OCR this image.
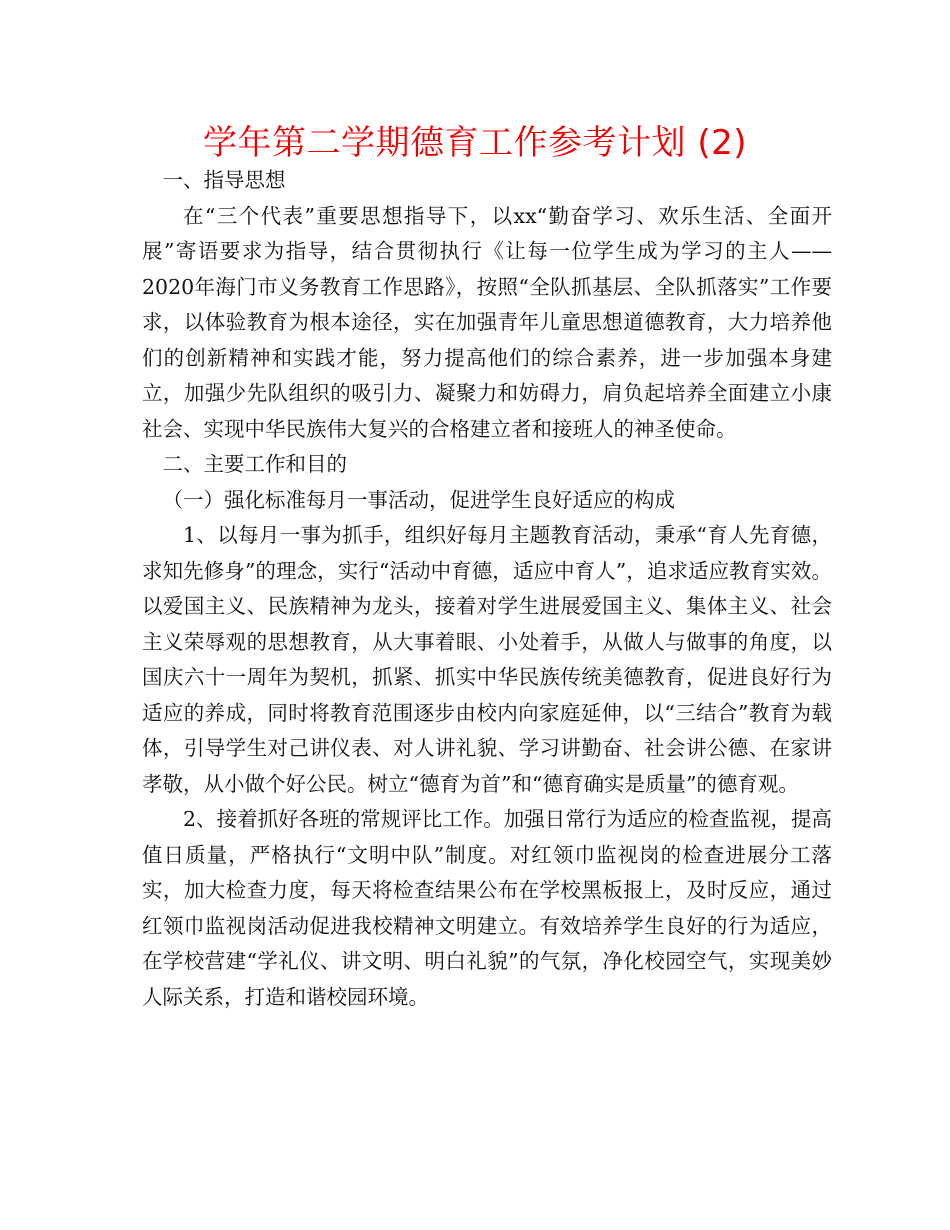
学年第二学期德育工作参考计划 (2)

一、指导思想

在“三个代表”重要思想指导下，以xx“勤奋学习、欢乐生活、全面开展”寄语要求为指导，结合贯彻执行《让每一位学生成为学习的主人——2020年海门市义务教育工作思路》，按照“全队抓基层、全队抓落实”工作要求，以体验教育为根本途径，实在加强青年儿童思想道德教育，大力培养他们的创新精神和实践才能，努力提高他们的综合素养，进一步加强本身建立，加强少先队组织的吸引力、凝聚力和妨碍力，肩负起培养全面建立小康社会、实现中华民族伟大复兴的合格建立者和接班人的神圣使命。

二、主要工作和目的

（一）强化标准每月一事活动，促进学生良好适应的构成

1、以每月一事为抓手，组织好每月主题教育活动，秉承“育人先育德，求知先修身”的理念，实行“活动中育德，适应中育人”，追求适应教育实效。以爱国主义、民族精神为龙头，接着对学生进展爱国主义、集体主义、社会主义荣辱观的思想教育，从大事着眼、小处着手，从做人与做事的角度，以国庆六十一周年为契机，抓紧、抓实中华民族传统美德教育，促进良好行为适应的养成，同时将教育范围逐步由校内向家庭延伸，以“三结合”教育为载体，引导学生对己讲仪表、对人讲礼貌、学习讲勤奋、社会讲公德、在家讲孝敬，从小做个好公民。树立“德育为首”和“德育确实是质量”的德育观。

2、接着抓好各班的常规评比工作。加强日常行为适应的检查监视，提高值日质量，严格执行“文明中队”制度。对红领巾监视岗的检查进展分工落实，加大检查力度，每天将检查结果公布在学校黑板报上，及时反应，通过红领巾监视岗活动促进我校精神文明建立。有效培养学生良好的行为适应，在学校营建“学礼仪、讲文明、明白礼貌”的气氛，净化校园空气，实现美妙人际关系，打造和谐校园环境。
